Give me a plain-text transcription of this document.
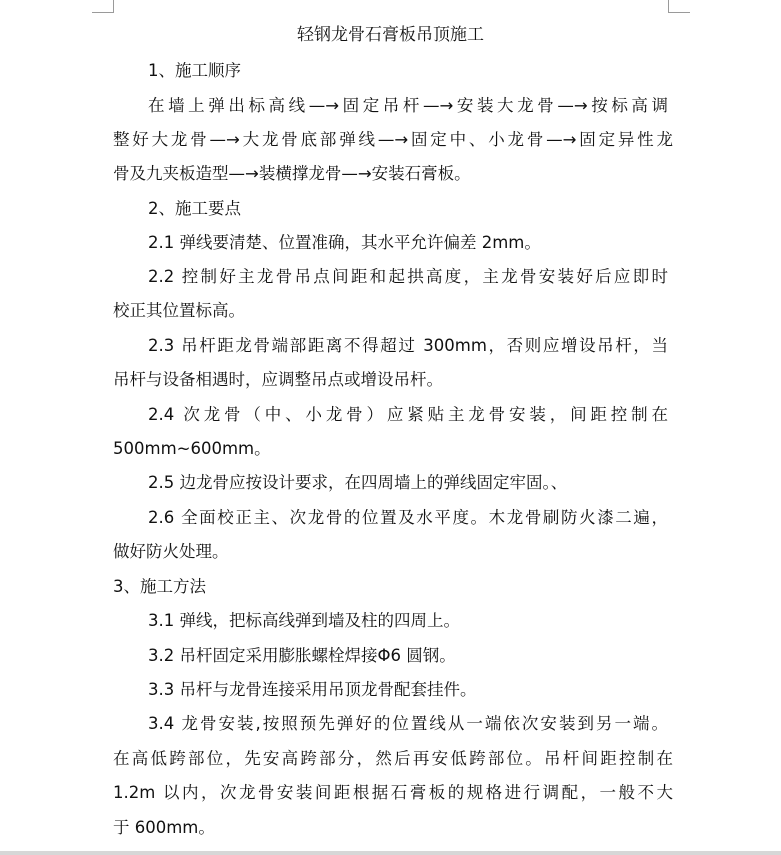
轻钢龙骨石膏板吊顶施工
1、施工顺序
在墙上弹出标高线—→固定吊杆—→安装大龙骨—→按标高调
整好大龙骨—→大龙骨底部弹线—→固定中、小龙骨—→固定异性龙
骨及九夹板造型—→装横撑龙骨—→安装石膏板。
2、施工要点
2.1 弹线要清楚、位置准确，其水平允许偏差 2mm。
2.2 控制好主龙骨吊点间距和起拱高度，主龙骨安装好后应即时
校正其位置标高。
2.3 吊杆距龙骨端部距离不得超过 300mm，否则应增设吊杆，当
吊杆与设备相遇时，应调整吊点或增设吊杆。
2.4 次龙骨（中、小龙骨）应紧贴主龙骨安装，间距控制在
500mm~600mm。
2.5 边龙骨应按设计要求，在四周墙上的弹线固定牢固。、
2.6 全面校正主、次龙骨的位置及水平度。木龙骨刷防火漆二遍，
做好防火处理。
3、施工方法
3.1 弹线，把标高线弹到墙及柱的四周上。
3.2 吊杆固定采用膨胀螺栓焊接Φ6 圆钢。
3.3 吊杆与龙骨连接采用吊顶龙骨配套挂件。
3.4 龙骨安装,按照预先弹好的位置线从一端依次安装到另一端。
在高低跨部位，先安高跨部分，然后再安低跨部位。吊杆间距控制在
1.2m 以内，次龙骨安装间距根据石膏板的规格进行调配，一般不大
于 600mm。
